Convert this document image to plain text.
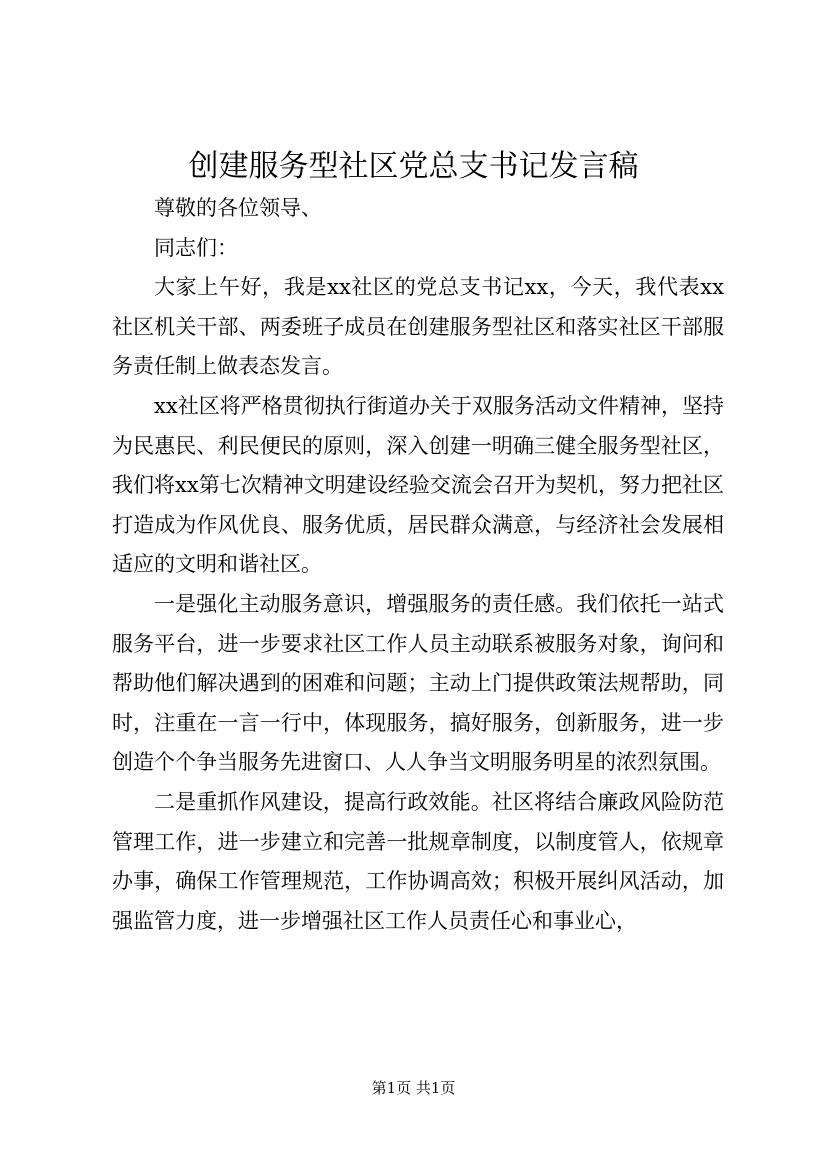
创建服务型社区党总支书记发言稿

尊敬的各位领导、

同志们：

大家上午好，我是xx社区的党总支书记xx，今天，我代表xx社区机关干部、两委班子成员在创建服务型社区和落实社区干部服务责任制上做表态发言。

xx社区将严格贯彻执行街道办关于双服务活动文件精神，坚持为民惠民、利民便民的原则，深入创建一明确三健全服务型社区，我们将xx第七次精神文明建设经验交流会召开为契机，努力把社区打造成为作风优良、服务优质，居民群众满意，与经济社会发展相适应的文明和谐社区。

一是强化主动服务意识，增强服务的责任感。我们依托一站式服务平台，进一步要求社区工作人员主动联系被服务对象，询问和帮助他们解决遇到的困难和问题；主动上门提供政策法规帮助，同时，注重在一言一行中，体现服务，搞好服务，创新服务，进一步创造个个争当服务先进窗口、人人争当文明服务明星的浓烈氛围。

二是重抓作风建设，提高行政效能。社区将结合廉政风险防范管理工作，进一步建立和完善一批规章制度，以制度管人，依规章办事，确保工作管理规范，工作协调高效；积极开展纠风活动，加强监管力度，进一步增强社区工作人员责任心和事业心，

第1页 共1页
